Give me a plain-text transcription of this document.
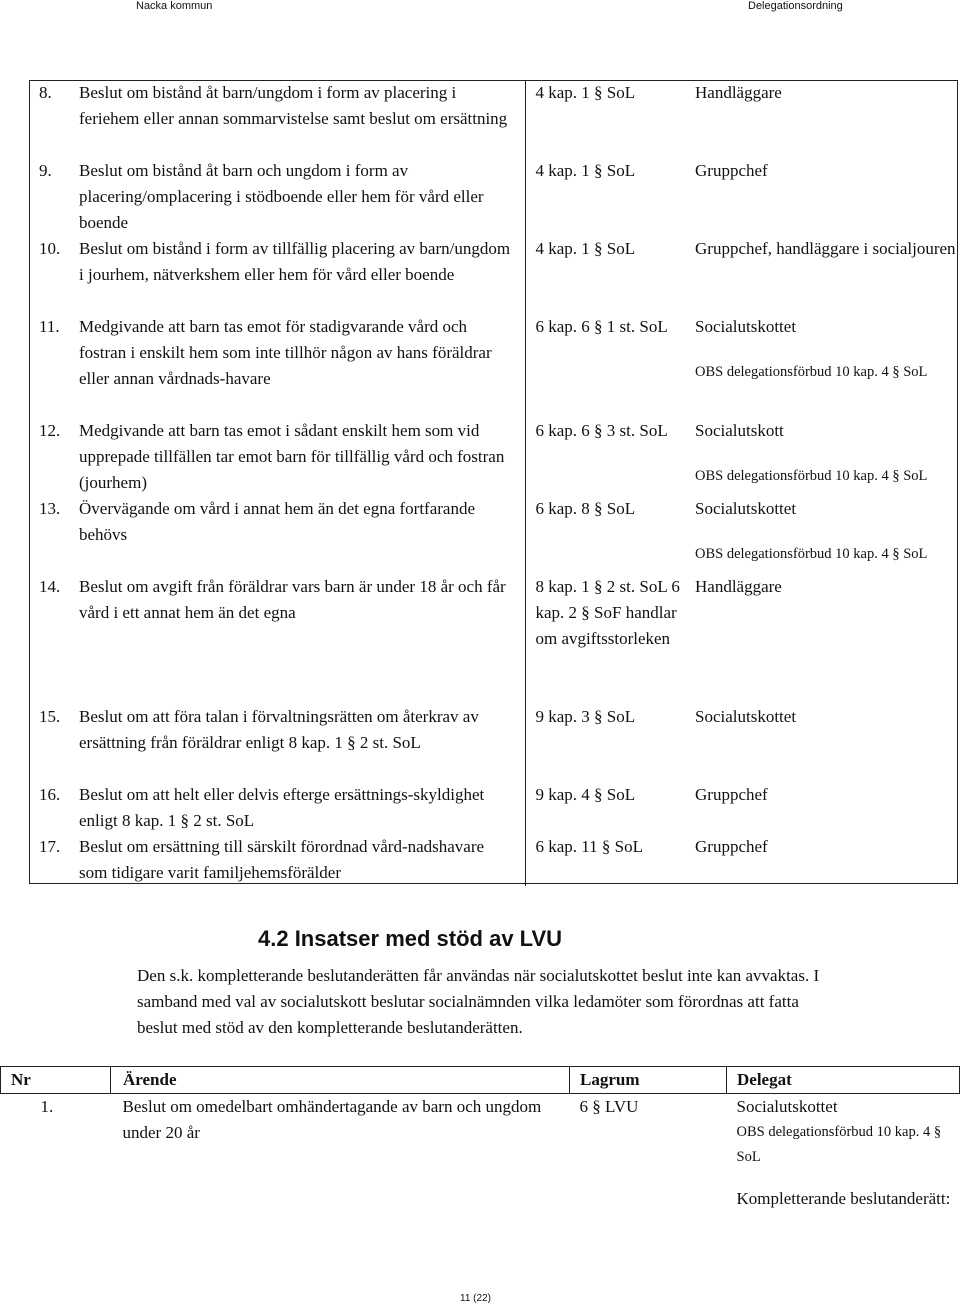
Nacka kommun	Delegationsordning
8.	Beslut om bistånd åt barn/ungdom i form av placering i feriehem eller annan sommarvistelse samt beslut om ersättning	4 kap. 1 § SoL	Handläggare
9.	Beslut om bistånd åt barn och ungdom i form av placering/omplacering i stödboende eller hem för vård eller boende	4 kap. 1 § SoL	Gruppchef
10.	Beslut om bistånd i form av tillfällig placering av barn/ungdom i jourhem, nätverkshem eller hem för vård eller boende	4 kap. 1 § SoL	Gruppchef, handläggare i socialjouren
11.	Medgivande att barn tas emot för stadigvarande vård och fostran i enskilt hem som inte tillhör någon av hans föräldrar eller annan vårdnads-havare	6 kap. 6 § 1 st. SoL	Socialutskottet
OBS delegationsförbud 10 kap. 4 § SoL

12.	Medgivande att barn tas emot i sådant enskilt hem som vid upprepade tillfällen tar emot barn för tillfällig vård och fostran (jourhem)	6 kap. 6 § 3 st. SoL	Socialutskott
OBS delegationsförbud 10 kap. 4 § SoL

13.	Övervägande om vård i annat hem än det egna fortfarande behövs	6 kap. 8 § SoL	Socialutskottet
OBS delegationsförbud 10 kap. 4 § SoL

14.	Beslut om avgift från föräldrar vars barn är under 18 år och får vård i ett annat hem än det egna	8 kap. 1 § 2 st. SoL 6 kap. 2 § SoF handlar om avgiftsstorleken	Handläggare
15.	Beslut om att föra talan i förvaltningsrätten om återkrav av ersättning från föräldrar enligt 8 kap. 1 § 2 st. SoL	9 kap. 3 § SoL	Socialutskottet
16.	Beslut om att helt eller delvis efterge ersättnings-skyldighet enligt 8 kap. 1 § 2 st. SoL	9 kap. 4 § SoL	Gruppchef
17.	Beslut om ersättning till särskilt förordnad vård-nadshavare som tidigare varit familjehemsförälder	6 kap. 11 § SoL	Gruppchef
4.2 Insatser med stöd av LVU

Den s.k. kompletterande beslutanderätten får användas när socialutskottet beslut inte kan avvaktas. I samband med val av socialutskott beslutar socialnämnden vilka ledamöter som förordnas att fatta beslut med stöd av den kompletterande beslutanderätten.

Nr	Ärende	Lagrum	Delegat
1.	Beslut om omedelbart omhändertagande av barn och ungdom under 20 år	6 § LVU	Socialutskottet
OBS delegationsförbud 10 kap. 4 § SoL
Kompletterande beslutanderätt:
11 (22)
